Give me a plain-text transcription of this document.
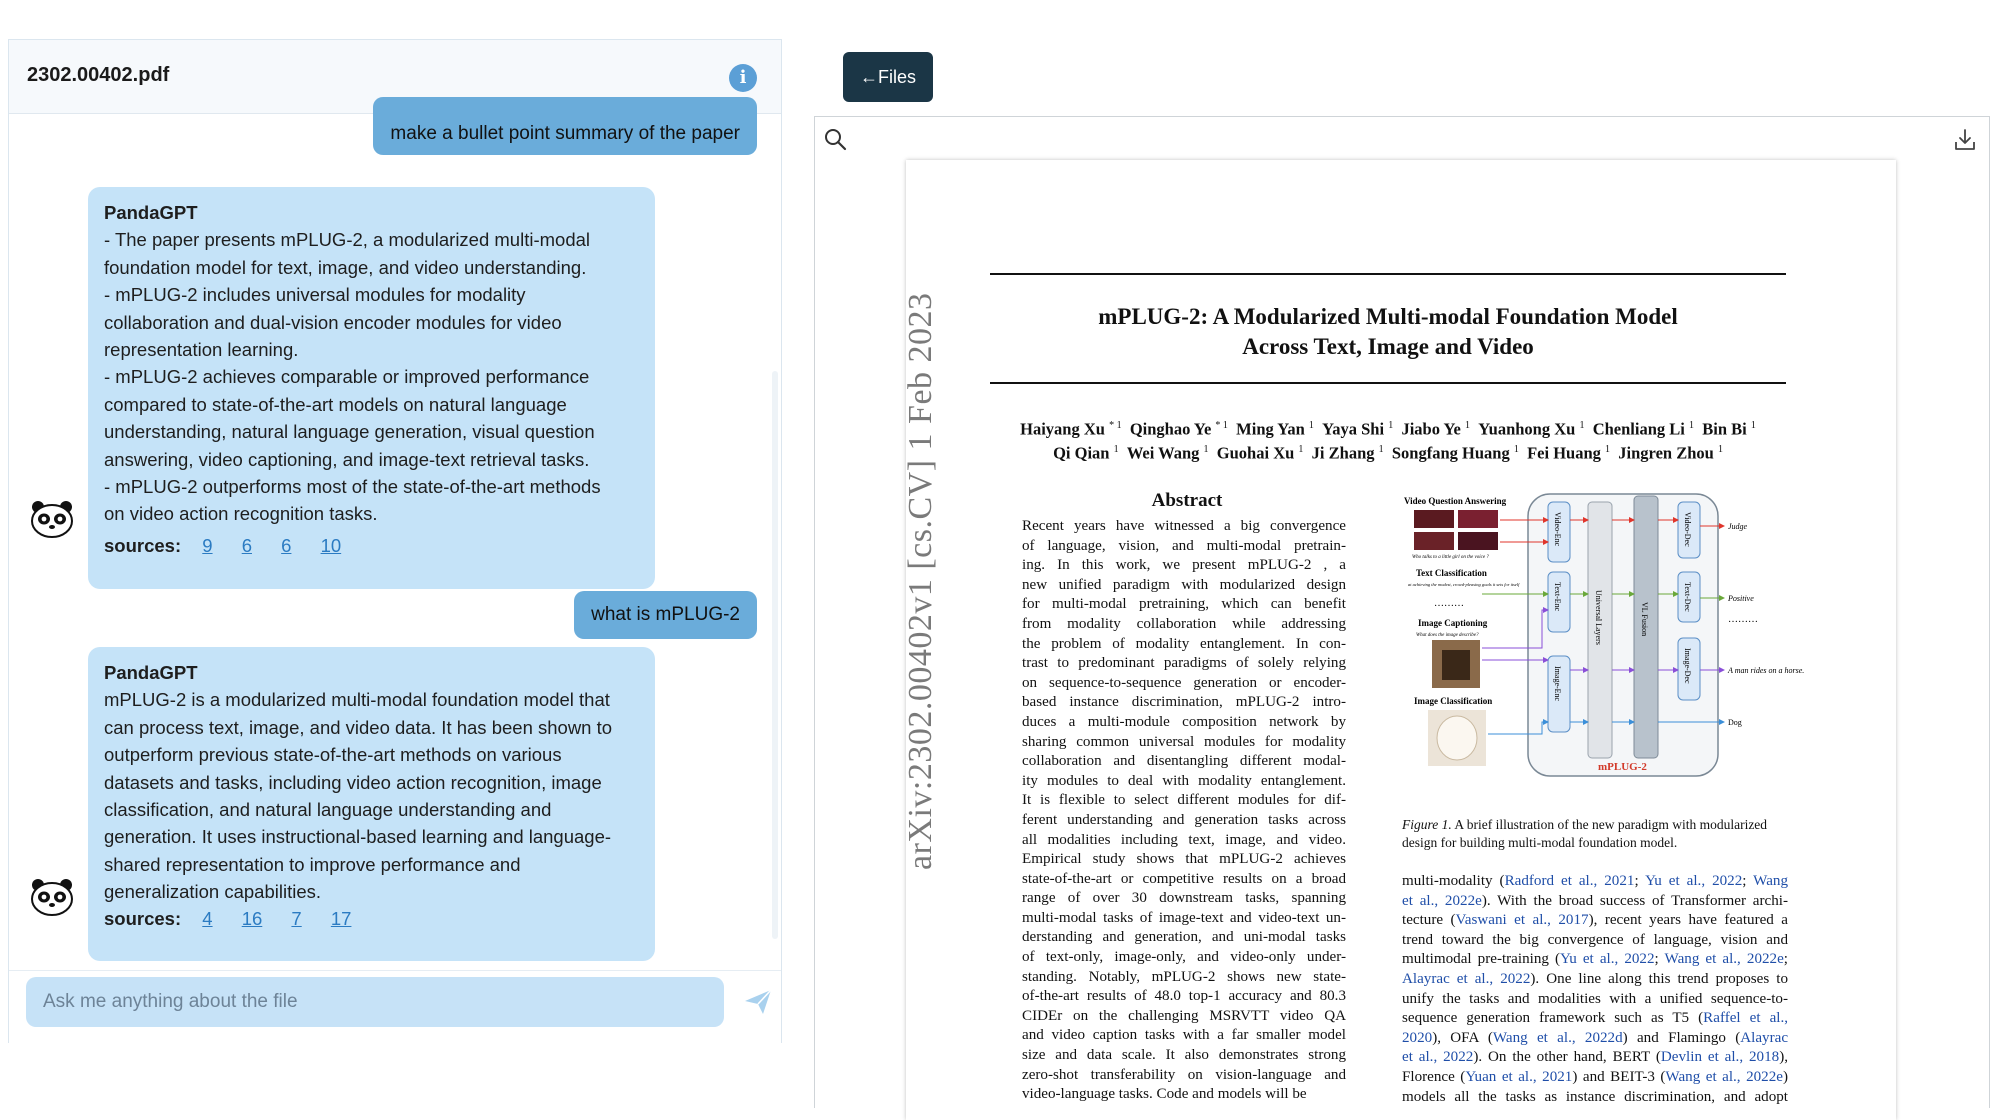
2302.00402.pdf	i
make a bullet point summary of the paper
PandaGPT
- The paper presents mPLUG-2, a modularized multi-modal
foundation model for text, image, and video understanding.
- mPLUG-2 includes universal modules for modality
collaboration and dual-vision encoder modules for video
representation learning.
- mPLUG-2 achieves comparable or improved performance
compared to state-of-the-art models on natural language
understanding, natural language generation, visual question
answering, video captioning, and image-text retrieval tasks.
- mPLUG-2 outperforms most of the state-of-the-art methods
on video action recognition tasks.
sources: 9 6 6 10
what is mPLUG-2
PandaGPT
mPLUG-2 is a modularized multi-modal foundation model that
can process text, image, and video data. It has been shown to
outperform previous state-of-the-art methods on various
datasets and tasks, including video action recognition, image
classification, and natural language understanding and
generation. It uses instructional-based learning and language-
shared representation to improve performance and
generalization capabilities.
sources: 4 16 7 17
Ask me anything about the file
←Files
mPLUG-2: A Modularized Multi-modal Foundation Model
Across Text, Image and Video
Haiyang Xu $^{* 1}$  Qinghao Ye $^{* 1}$  Ming Yan $^1$  Yaya Shi $^1$  Jiabo Ye $^1$  Yuanhong Xu $^1$  Chenliang Li $^1$  Bin Bi $^1$
Qi Qian $^1$  Wei Wang $^1$  Guohai Xu $^1$  Ji Zhang $^1$  Songfang Huang $^1$  Fei Huang $^1$  Jingren Zhou $^1$
arXiv:2302.00402v1 [cs.CV] 1 Feb 2023	Abstract
Recent years have witnessed a big convergence
of language, vision, and multi-modal pretrain-
ing. In this work, we present mPLUG-2 , a
new unified paradigm with modularized design
for multi-modal pretraining, which can benefit
from modality collaboration while addressing
the problem of modality entanglement. In con-
trast to predominant paradigms of solely relying
on sequence-to-sequence generation or encoder-
based instance discrimination, mPLUG-2 intro-
duces a multi-module composition network by
sharing common universal modules for modality
collaboration and disentangling different modal-
ity modules to deal with modality entanglement.
It is flexible to select different modules for dif-
ferent understanding and generation tasks across
all modalities including text, image, and video.
Empirical study shows that mPLUG-2 achieves
state-of-the-art or competitive results on a broad
range of over 30 downstream tasks, spanning
multi-modal tasks of image-text and video-text un-
derstanding and generation, and uni-modal tasks
of text-only, image-only, and video-only under-
standing. Notably, mPLUG-2 shows new state-
of-the-art results of 48.0 top-1 accuracy and 80.3
CIDEr on the challenging MSRVTT video QA
and video caption tasks with a far smaller model
size and data scale. It also demonstrates strong
zero-shot transferability on vision-language and
video-language tasks. Code and models will be
Video Question Answering
Who talks to a little girl on the voice ?
Text Classification
at achieving the modest, crowd-pleasing goals it sets for itself
………
Image Captioning
What does the image describe?
Image Classification
Video-Enc
Text-Enc
Image-Enc
Universal Layers	VL Fusion
Video-Dec
Text-Dec
Image-Dec
Judge
Positive
………
A man rides on a horse.
Dog
mPLUG-2
Figure 1. A brief illustration of the new paradigm with modularized
design for building multi-modal foundation model.
multi-modality (Radford et al., 2021; Yu et al., 2022; Wang
et al., 2022e). With the broad success of Transformer archi-
tecture (Vaswani et al., 2017), recent years have featured a
trend toward the big convergence of language, vision and
multimodal pre-training (Yu et al., 2022; Wang et al., 2022e;
Alayrac et al., 2022). One line along this trend proposes to
unify the tasks and modalities with a unified sequence-to-
sequence generation framework such as T5 (Raffel et al.,
2020), OFA (Wang et al., 2022d) and Flamingo (Alayrac
et al., 2022). On the other hand, BERT (Devlin et al., 2018),
Florence (Yuan et al., 2021) and BEIT-3 (Wang et al., 2022e)
models all the tasks as instance discrimination, and adopt
